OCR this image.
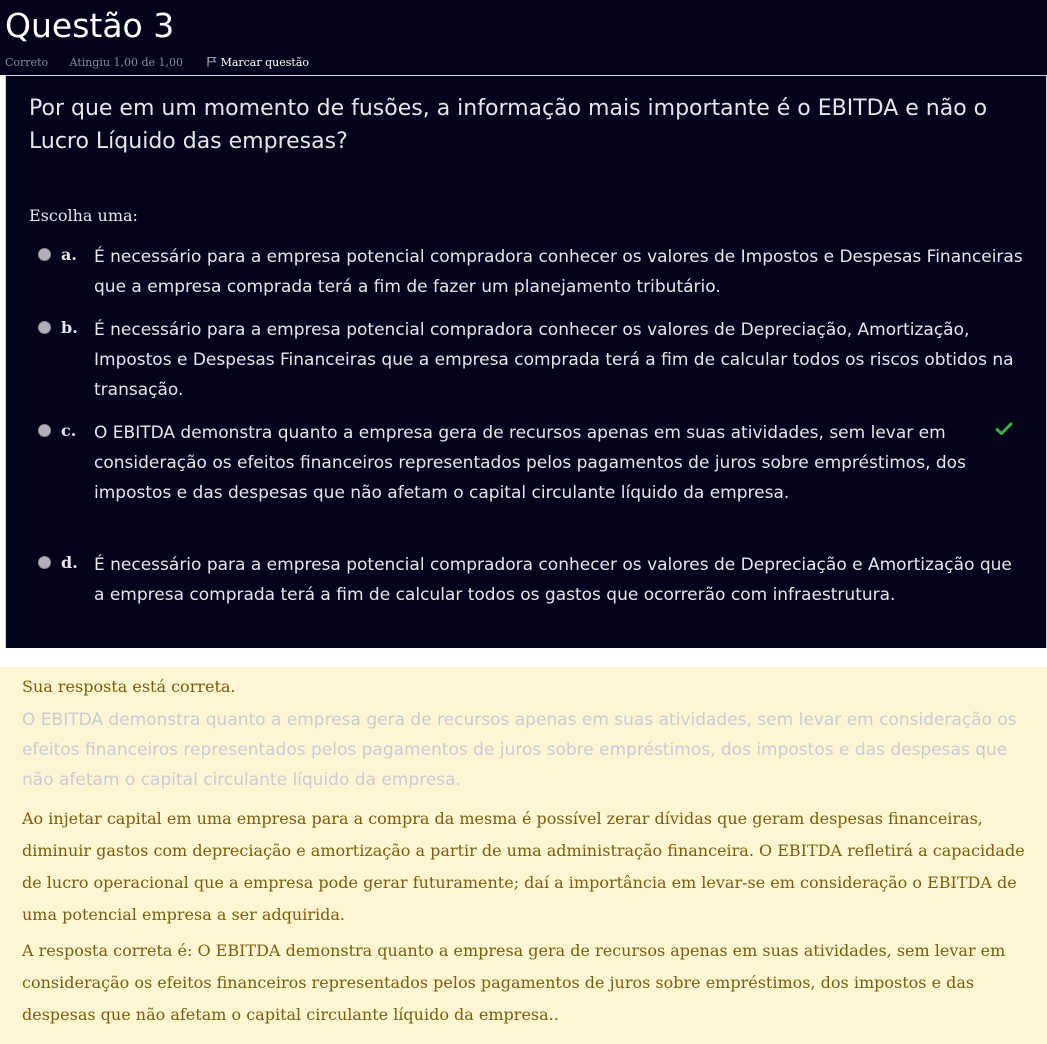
Questão 3
Correto Atingiu 1,00 de 1,00	Marcar questão
Por que em um momento de fusões, a informação mais importante é o EBITDA e não o Lucro Líquido das empresas?
Escolha uma:
a. É necessário para a empresa potencial compradora conhecer os valores de Impostos e Despesas Financeiras que a empresa comprada terá a fim de fazer um planejamento tributário.
b. É necessário para a empresa potencial compradora conhecer os valores de Depreciação, Amortização, Impostos e Despesas Financeiras que a empresa comprada terá a fim de calcular todos os riscos obtidos na transação.
c. O EBITDA demonstra quanto a empresa gera de recursos apenas em suas atividades, sem levar em consideração os efeitos financeiros representados pelos pagamentos de juros sobre empréstimos, dos impostos e das despesas que não afetam o capital circulante líquido da empresa.
d. É necessário para a empresa potencial compradora conhecer os valores de Depreciação e Amortização que a empresa comprada terá a fim de calcular todos os gastos que ocorrerão com infraestrutura.
Sua resposta está correta.
O EBITDA demonstra quanto a empresa gera de recursos apenas em suas atividades, sem levar em consideração os efeitos financeiros representados pelos pagamentos de juros sobre empréstimos, dos impostos e das despesas que não afetam o capital circulante líquido da empresa.
Ao injetar capital em uma empresa para a compra da mesma é possível zerar dívidas que geram despesas financeiras, diminuir gastos com depreciação e amortização a partir de uma administração financeira. O EBITDA refletirá a capacidade de lucro operacional que a empresa pode gerar futuramente; daí a importância em levar-se em consideração o EBITDA de uma potencial empresa a ser adquirida.
A resposta correta é: O EBITDA demonstra quanto a empresa gera de recursos apenas em suas atividades, sem levar em consideração os efeitos financeiros representados pelos pagamentos de juros sobre empréstimos, dos impostos e das despesas que não afetam o capital circulante líquido da empresa..
